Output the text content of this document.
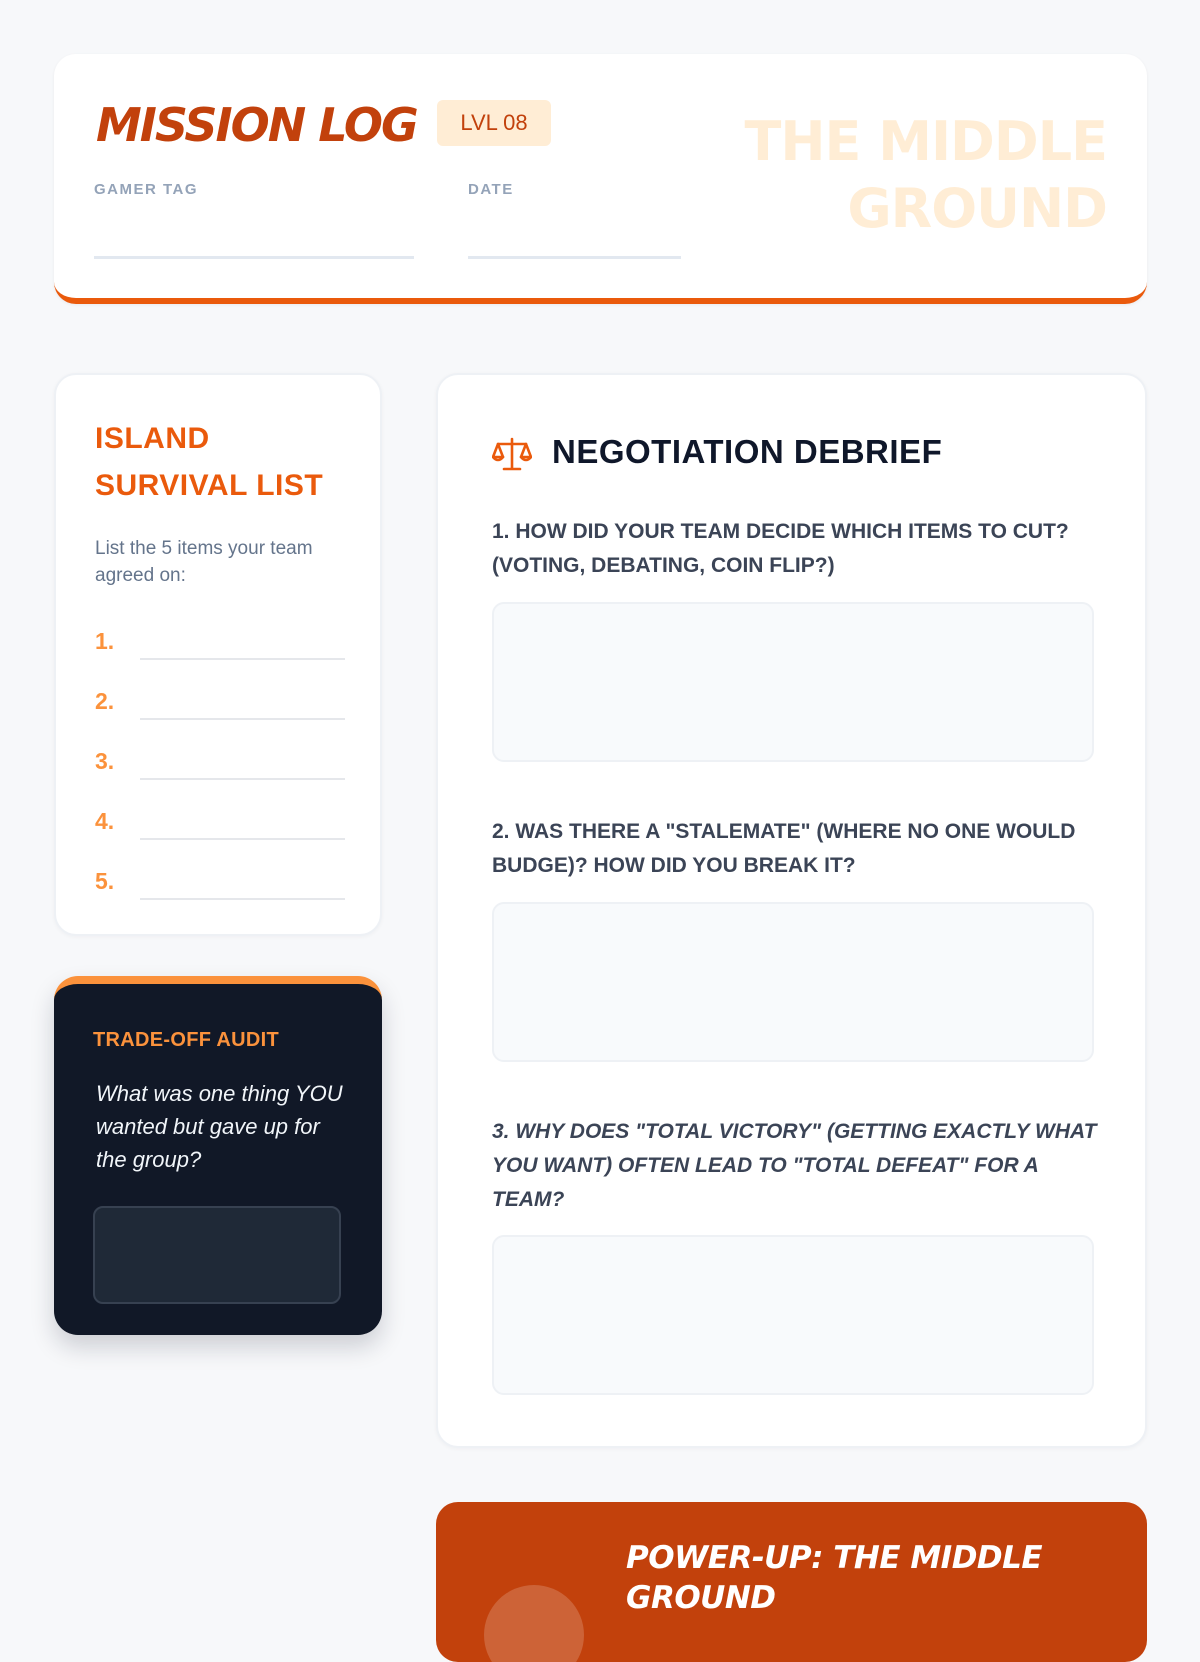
MISSION LOG	LVL 08
GAMER TAG	DATE
THE MIDDLE GROUND
ISLAND SURVIVAL LIST
List the 5 items your team agreed on:
1.
2.
3.
4.
5.
TRADE-OFF AUDIT
What was one thing YOU wanted but gave up for the group?
NEGOTIATION DEBRIEF
1. HOW DID YOUR TEAM DECIDE WHICH ITEMS TO CUT? (VOTING, DEBATING, COIN FLIP?)
2. WAS THERE A "STALEMATE" (WHERE NO ONE WOULD BUDGE)? HOW DID YOU BREAK IT?
3. WHY DOES "TOTAL VICTORY" (GETTING EXACTLY WHAT YOU WANT) OFTEN LEAD TO "TOTAL DEFEAT" FOR A TEAM?
POWER-UP: THE MIDDLE GROUND
